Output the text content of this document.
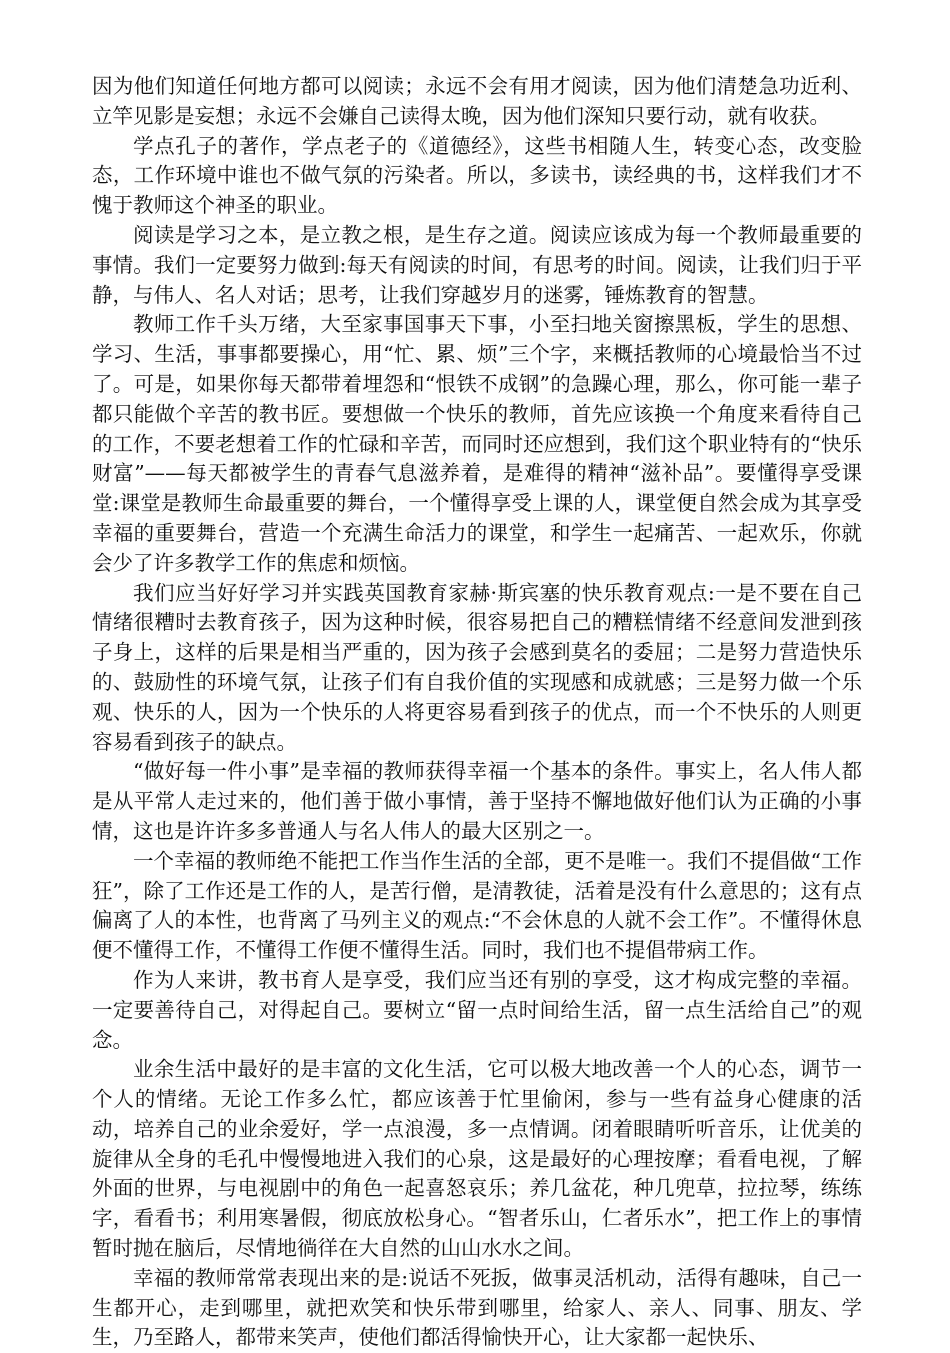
因为他们知道任何地方都可以阅读；永远不会有用才阅读，因为他们清楚急功近利、立竿见影是妄想；永远不会嫌自己读得太晚，因为他们深知只要行动，就有收获。

学点孔子的著作，学点老子的《道德经》，这些书相随人生，转变心态，改变脸态，工作环境中谁也不做气氛的污染者。所以，多读书，读经典的书，这样我们才不愧于教师这个神圣的职业。

阅读是学习之本，是立教之根，是生存之道。阅读应该成为每一个教师最重要的事情。我们一定要努力做到:每天有阅读的时间，有思考的时间。阅读，让我们归于平静，与伟人、名人对话；思考，让我们穿越岁月的迷雾，锤炼教育的智慧。

教师工作千头万绪，大至家事国事天下事，小至扫地关窗擦黑板，学生的思想、学习、生活，事事都要操心，用“忙、累、烦”三个字，来概括教师的心境最恰当不过了。可是，如果你每天都带着埋怨和“恨铁不成钢”的急躁心理，那么，你可能一辈子都只能做个辛苦的教书匠。要想做一个快乐的教师，首先应该换一个角度来看待自己的工作，不要老想着工作的忙碌和辛苦，而同时还应想到，我们这个职业特有的“快乐财富”——每天都被学生的青春气息滋养着，是难得的精神“滋补品”。要懂得享受课堂:课堂是教师生命最重要的舞台，一个懂得享受上课的人，课堂便自然会成为其享受幸福的重要舞台，营造一个充满生命活力的课堂，和学生一起痛苦、一起欢乐，你就会少了许多教学工作的焦虑和烦恼。

我们应当好好学习并实践英国教育家赫·斯宾塞的快乐教育观点:一是不要在自己情绪很糟时去教育孩子，因为这种时候，很容易把自己的糟糕情绪不经意间发泄到孩子身上，这样的后果是相当严重的，因为孩子会感到莫名的委屈；二是努力营造快乐的、鼓励性的环境气氛，让孩子们有自我价值的实现感和成就感；三是努力做一个乐观、快乐的人，因为一个快乐的人将更容易看到孩子的优点，而一个不快乐的人则更容易看到孩子的缺点。

“做好每一件小事”是幸福的教师获得幸福一个基本的条件。事实上，名人伟人都是从平常人走过来的，他们善于做小事情，善于坚持不懈地做好他们认为正确的小事情，这也是许许多多普通人与名人伟人的最大区别之一。

一个幸福的教师绝不能把工作当作生活的全部，更不是唯一。我们不提倡做“工作狂”，除了工作还是工作的人，是苦行僧，是清教徒，活着是没有什么意思的；这有点偏离了人的本性，也背离了马列主义的观点:“不会休息的人就不会工作”。不懂得休息便不懂得工作，不懂得工作便不懂得生活。同时，我们也不提倡带病工作。

作为人来讲，教书育人是享受，我们应当还有别的享受，这才构成完整的幸福。一定要善待自己，对得起自己。要树立“留一点时间给生活，留一点生活给自己”的观念。

业余生活中最好的是丰富的文化生活，它可以极大地改善一个人的心态，调节一个人的情绪。无论工作多么忙，都应该善于忙里偷闲，参与一些有益身心健康的活动，培养自己的业余爱好，学一点浪漫，多一点情调。闭着眼睛听听音乐，让优美的旋律从全身的毛孔中慢慢地进入我们的心泉，这是最好的心理按摩；看看电视，了解外面的世界，与电视剧中的角色一起喜怒哀乐；养几盆花，种几兜草，拉拉琴，练练字，看看书；利用寒暑假，彻底放松身心。“智者乐山，仁者乐水”，把工作上的事情暂时抛在脑后，尽情地徜徉在大自然的山山水水之间。

幸福的教师常常表现出来的是:说话不死扳，做事灵活机动，活得有趣味，自己一生都开心，走到哪里，就把欢笑和快乐带到哪里，给家人、亲人、同事、朋友、学生，乃至路人，都带来笑声，使他们都活得愉快开心，让大家都一起快乐、
